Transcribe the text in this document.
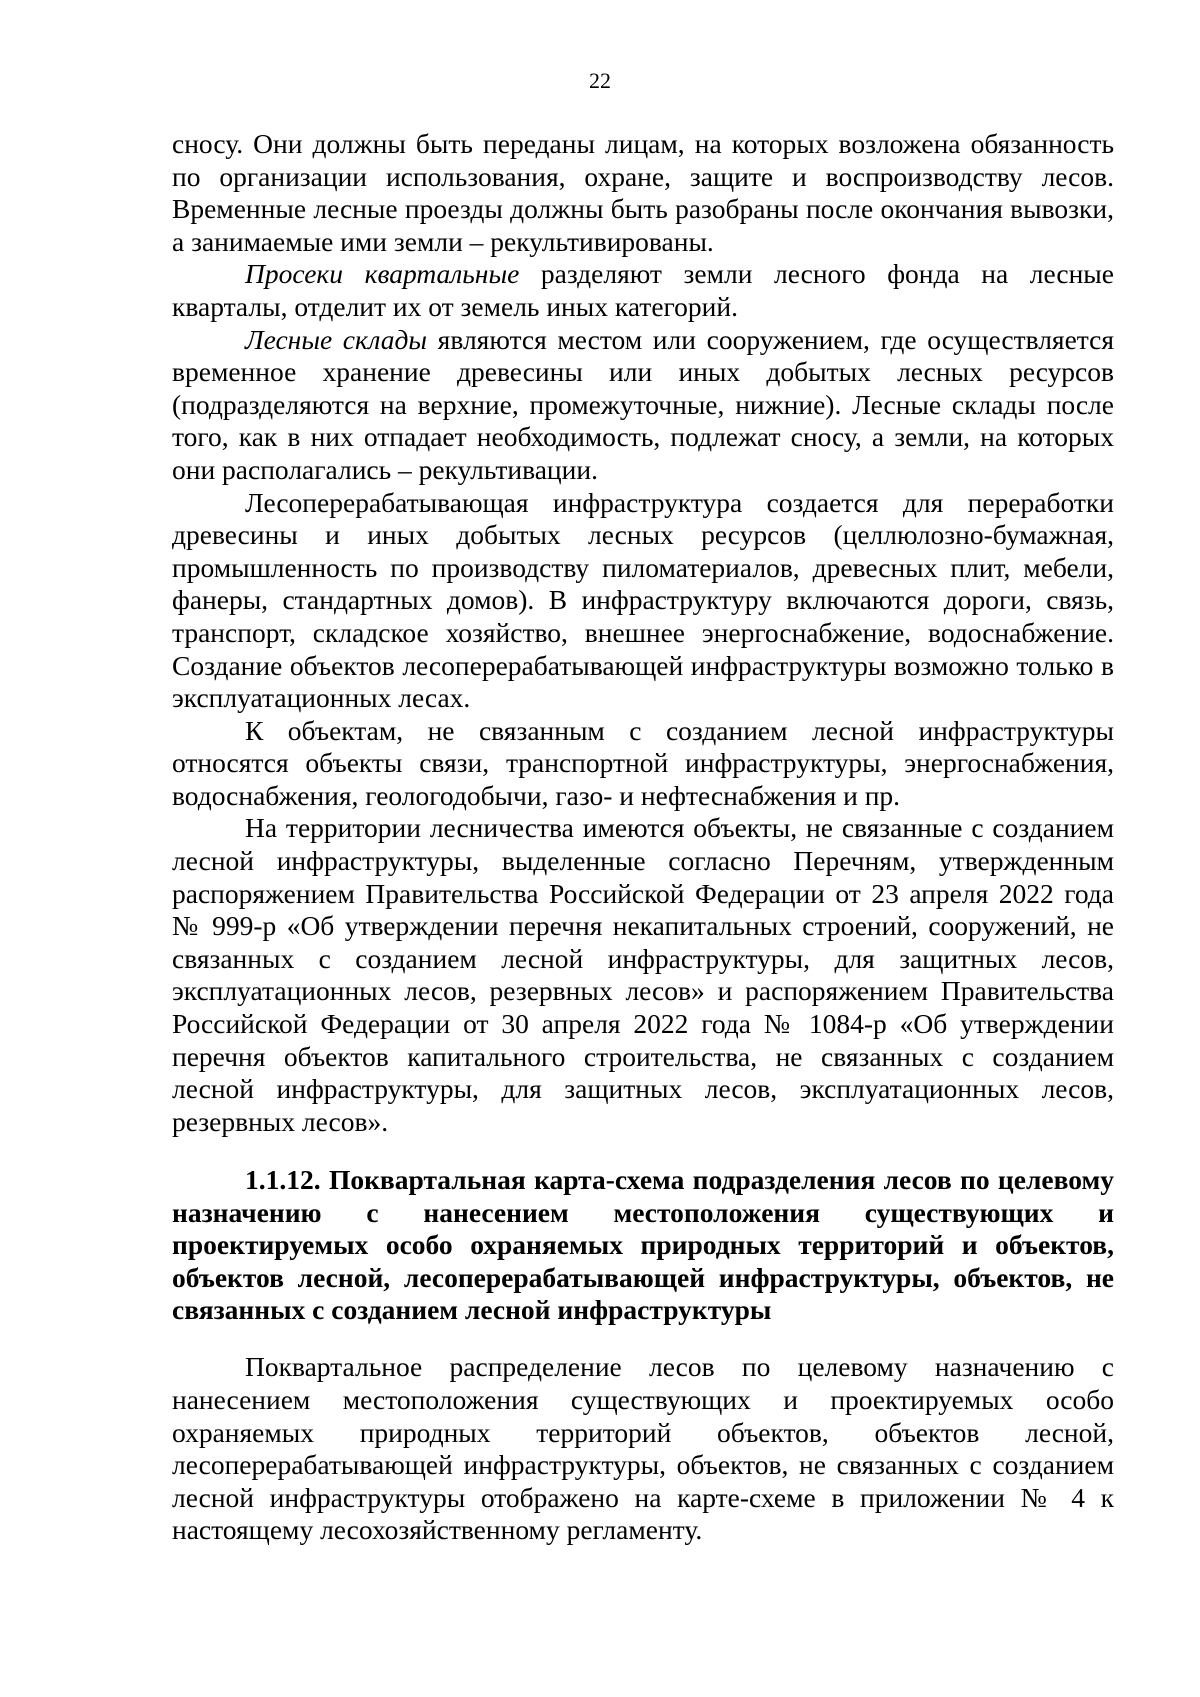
22

сносу. Они должны быть переданы лицам, на которых возложена обязанность по организации использования, охране, защите и воспроизводству лесов. Временные лесные проезды должны быть разобраны после окончания вывозки, а занимаемые ими земли – рекультивированы.

Просеки квартальные разделяют земли лесного фонда на лесные кварталы, отделит их от земель иных категорий.

Лесные склады являются местом или сооружением, где осуществляется временное хранение древесины или иных добытых лесных ресурсов (подразделяются на верхние, промежуточные, нижние). Лесные склады после того, как в них отпадает необходимость, подлежат сносу, а земли, на которых они располагались – рекультивации.

Лесоперерабатывающая инфраструктура создается для переработки древесины и иных добытых лесных ресурсов (целлюлозно-бумажная, промышленность по производству пиломатериалов, древесных плит, мебели, фанеры, стандартных домов). В инфраструктуру включаются дороги, связь, транспорт, складское хозяйство, внешнее энергоснабжение, водоснабжение. Создание объектов лесоперерабатывающей инфраструктуры возможно только в эксплуатационных лесах.

К объектам, не связанным с созданием лесной инфраструктуры относятся объекты связи, транспортной инфраструктуры, энергоснабжения, водоснабжения, геологодобычи, газо- и нефтеснабжения и пр.

На территории лесничества имеются объекты, не связанные с созданием лесной инфраструктуры, выделенные согласно Перечням, утвержденным распоряжением Правительства Российской Федерации от 23 апреля 2022 года № 999-р «Об утверждении перечня некапитальных строений, сооружений, не связанных с созданием лесной инфраструктуры, для защитных лесов, эксплуатационных лесов, резервных лесов» и распоряжением Правительства Российской Федерации от 30 апреля 2022 года № 1084-р «Об утверждении перечня объектов капитального строительства, не связанных с созданием лесной инфраструктуры, для защитных лесов, эксплуатационных лесов, резервных лесов».

1.1.12. Поквартальная карта-схема подразделения лесов по целевому назначению с нанесением местоположения существующих и проектируемых особо охраняемых природных территорий и объектов, объектов лесной, лесоперерабатывающей инфраструктуры, объектов, не связанных с созданием лесной инфраструктуры

Поквартальное распределение лесов по целевому назначению с нанесением местоположения существующих и проектируемых особо охраняемых природных территорий объектов, объектов лесной, лесоперерабатывающей инфраструктуры, объектов, не связанных с созданием лесной инфраструктуры отображено на карте-схеме в приложении № 4 к настоящему лесохозяйственному регламенту.
